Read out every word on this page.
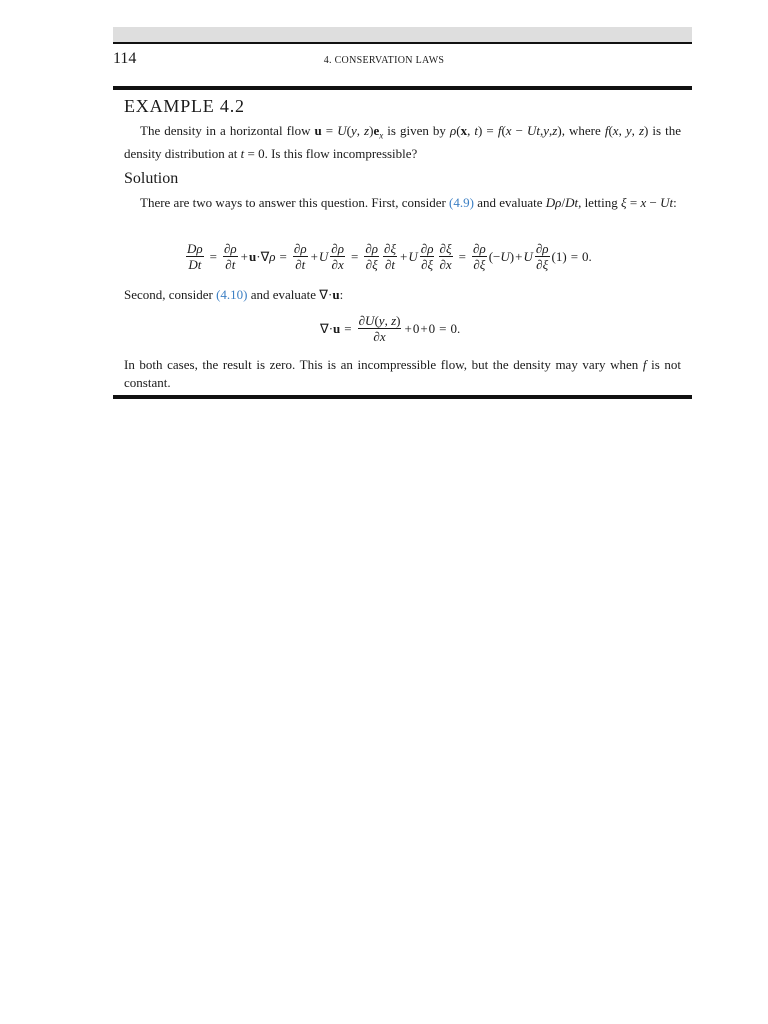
114	4. CONSERVATION LAWS
EXAMPLE 4.2
The density in a horizontal flow u = U(y, $z)e_x$ is given by ρ(x, t) = f(x − Ut,y,z), where f(x, y, z) is the density distribution at t = 0. Is this flow incompressible?
Solution
There are two ways to answer this question. First, consider (4.9) and evaluate Dρ/Dt, letting ξ = x − Ut:
$\frac{D\rho}{Dt} = \frac{\partial\rho}{\partial t} + u$ ·∇ $\rho = \frac{\partial\rho}{\partial t} + U \frac{\partial\rho}{\partial x} = \frac{\partial\rho}{\partial\xi} \frac{\partial\xi}{\partial t} + U \frac{\partial\rho}{\partial\xi} \frac{\partial\xi}{\partial x} = \frac{\partial\rho}{\partial\xi}$ (− U ) + U $\frac{\partial\rho}{\partial\xi} (1) = 0$.
Second, consider (4.10) and evaluate ∇·u:
∇· $u = \frac{\partial U(y, z)}{\partial x} + 0 + 0 = 0$.
In both cases, the result is zero. This is an incompressible flow, but the density may vary when f is not constant.
